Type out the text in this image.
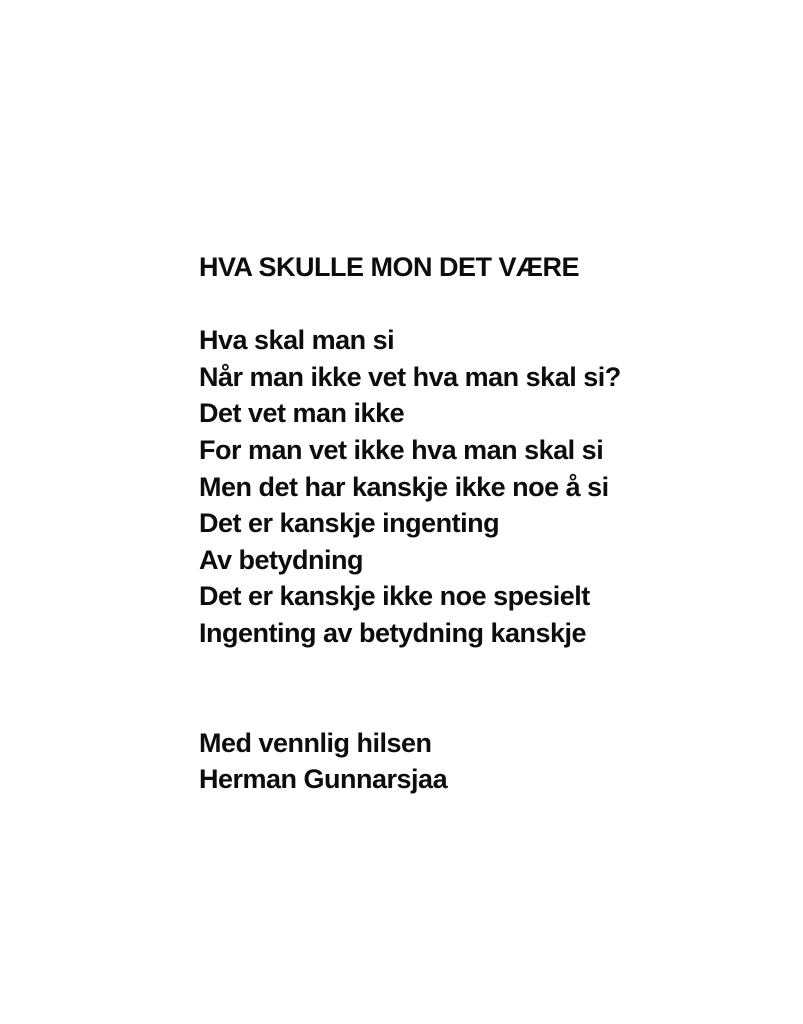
HVA SKULLE MON DET VÆRE

Hva skal man si

Når man ikke vet hva man skal si?

Det vet man ikke

For man vet ikke hva man skal si

Men det har kanskje ikke noe å si

Det er kanskje ingenting

Av betydning

Det er kanskje ikke noe spesielt

Ingenting av betydning kanskje

Med vennlig hilsen

Herman Gunnarsjaa
